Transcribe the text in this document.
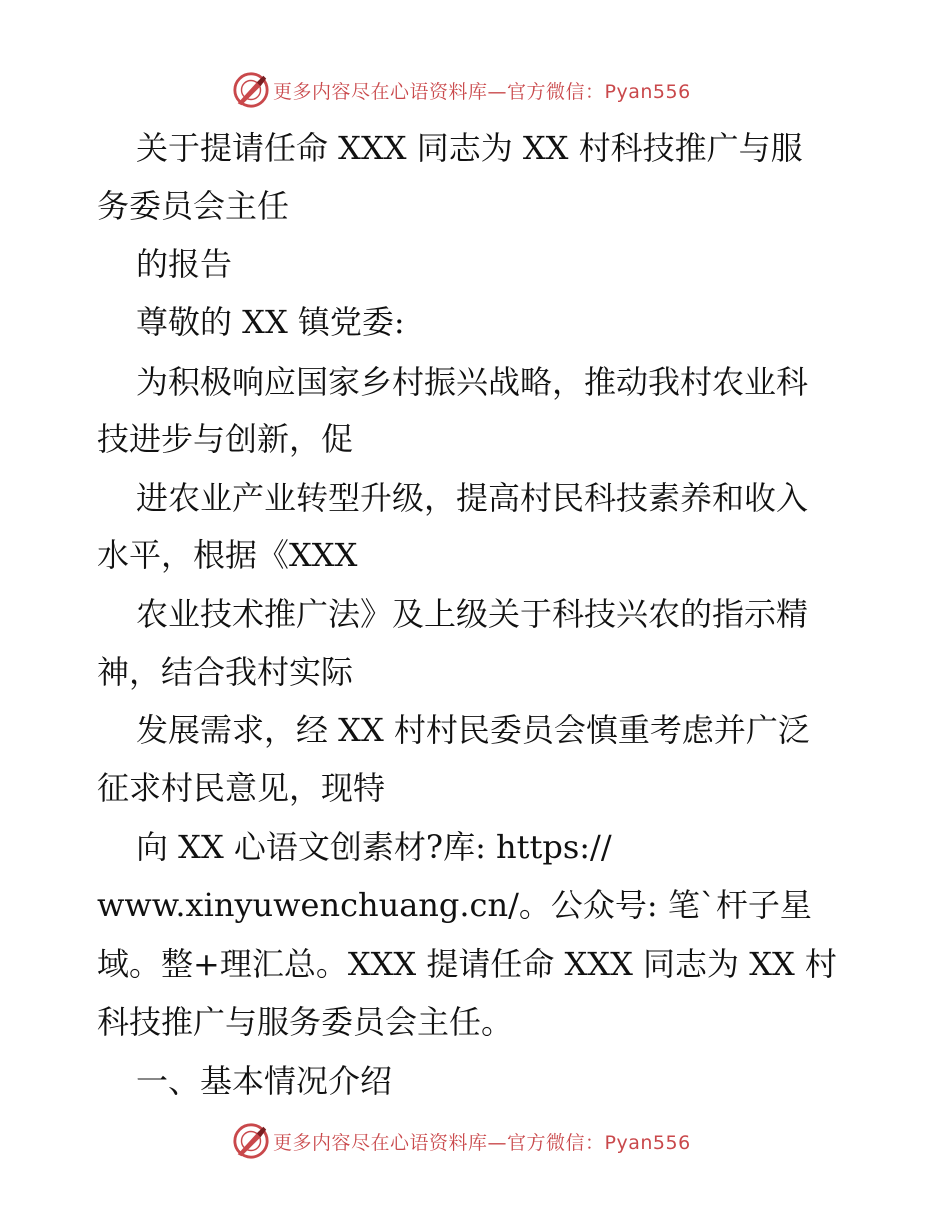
更多内容尽在心语资料库—官方微信：Pyan556

关于提请任命 XXX 同志为 XX 村科技推广与服

务委员会主任

的报告

尊敬的 XX 镇党委:

为积极响应国家乡村振兴战略，推动我村农业科

技进步与创新，促

进农业产业转型升级，提高村民科技素养和收入

水平，根据《XXX

农业技术推广法》及上级关于科技兴农的指示精

神，结合我村实际

发展需求，经 XX 村村民委员会慎重考虑并广泛

征求村民意见，现特

向 XX 心语文创素材?库: https://

www.xinyuwenchuang.cn/。公众号: 笔`杆子星

域。整+理汇总。XXX 提请任命 XXX 同志为 XX 村

科技推广与服务委员会主任。

一、基本情况介绍

更多内容尽在心语资料库—官方微信：Pyan556
